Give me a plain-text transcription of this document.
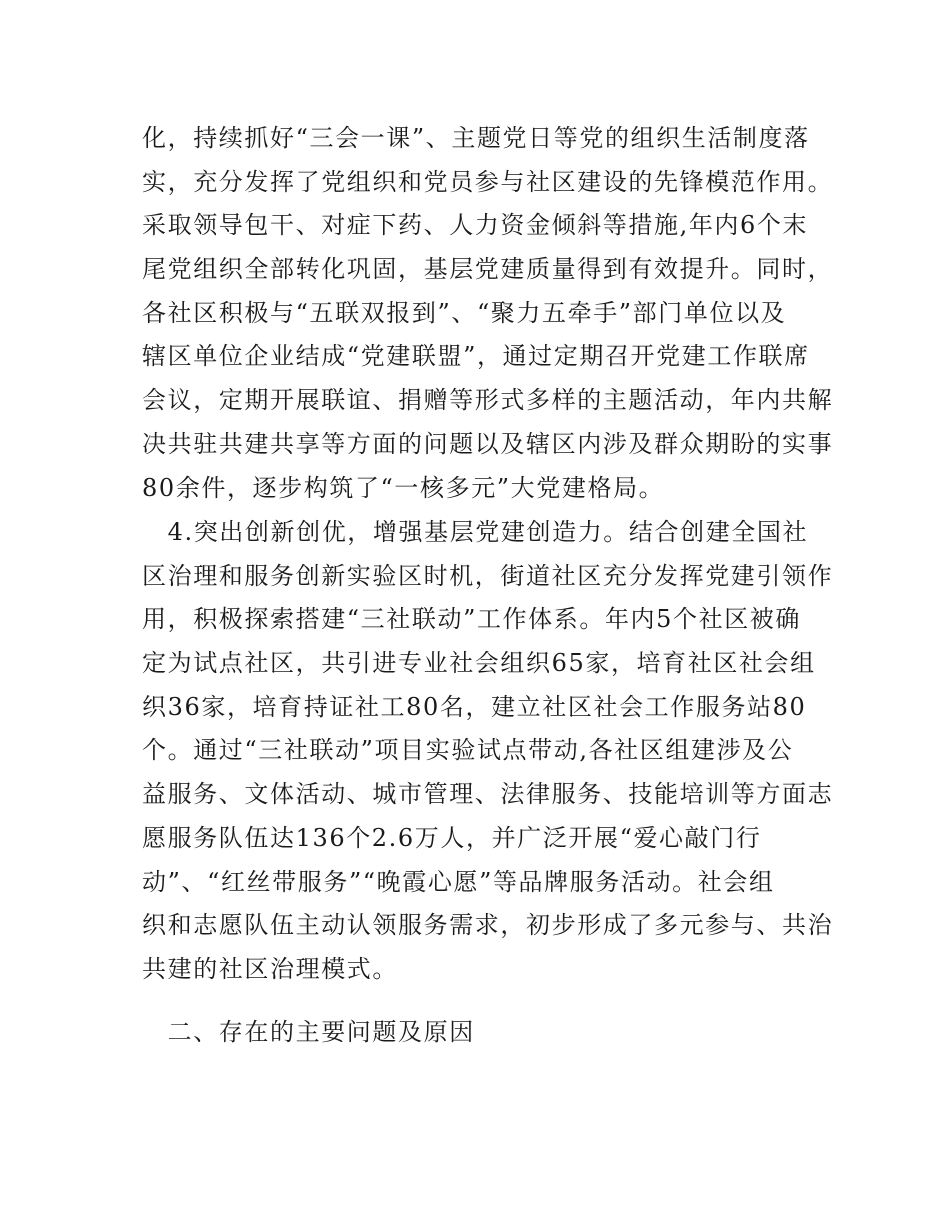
化，持续抓好“三会一课”、主题党日等党的组织生活制度落
实，充分发挥了党组织和党员参与社区建设的先锋模范作用。
采取领导包干、对症下药、人力资金倾斜等措施,年内6个末
尾党组织全部转化巩固，基层党建质量得到有效提升。同时，
各社区积极与“五联双报到”、“聚力五牵手”部门单位以及
辖区单位企业结成“党建联盟”，通过定期召开党建工作联席
会议，定期开展联谊、捐赠等形式多样的主题活动，年内共解
决共驻共建共享等方面的问题以及辖区内涉及群众期盼的实事
80余件，逐步构筑了“一核多元”大党建格局。
　4.突出创新创优，增强基层党建创造力。结合创建全国社
区治理和服务创新实验区时机，街道社区充分发挥党建引领作
用，积极探索搭建“三社联动”工作体系。年内5个社区被确
定为试点社区，共引进专业社会组织65家，培育社区社会组
织36家，培育持证社工80名，建立社区社会工作服务站80
个。通过“三社联动”项目实验试点带动,各社区组建涉及公
益服务、文体活动、城市管理、法律服务、技能培训等方面志
愿服务队伍达136个2.6万人，并广泛开展“爱心敲门行
动”、“红丝带服务”“晚霞心愿”等品牌服务活动。社会组
织和志愿队伍主动认领服务需求，初步形成了多元参与、共治
共建的社区治理模式。
　二、存在的主要问题及原因
